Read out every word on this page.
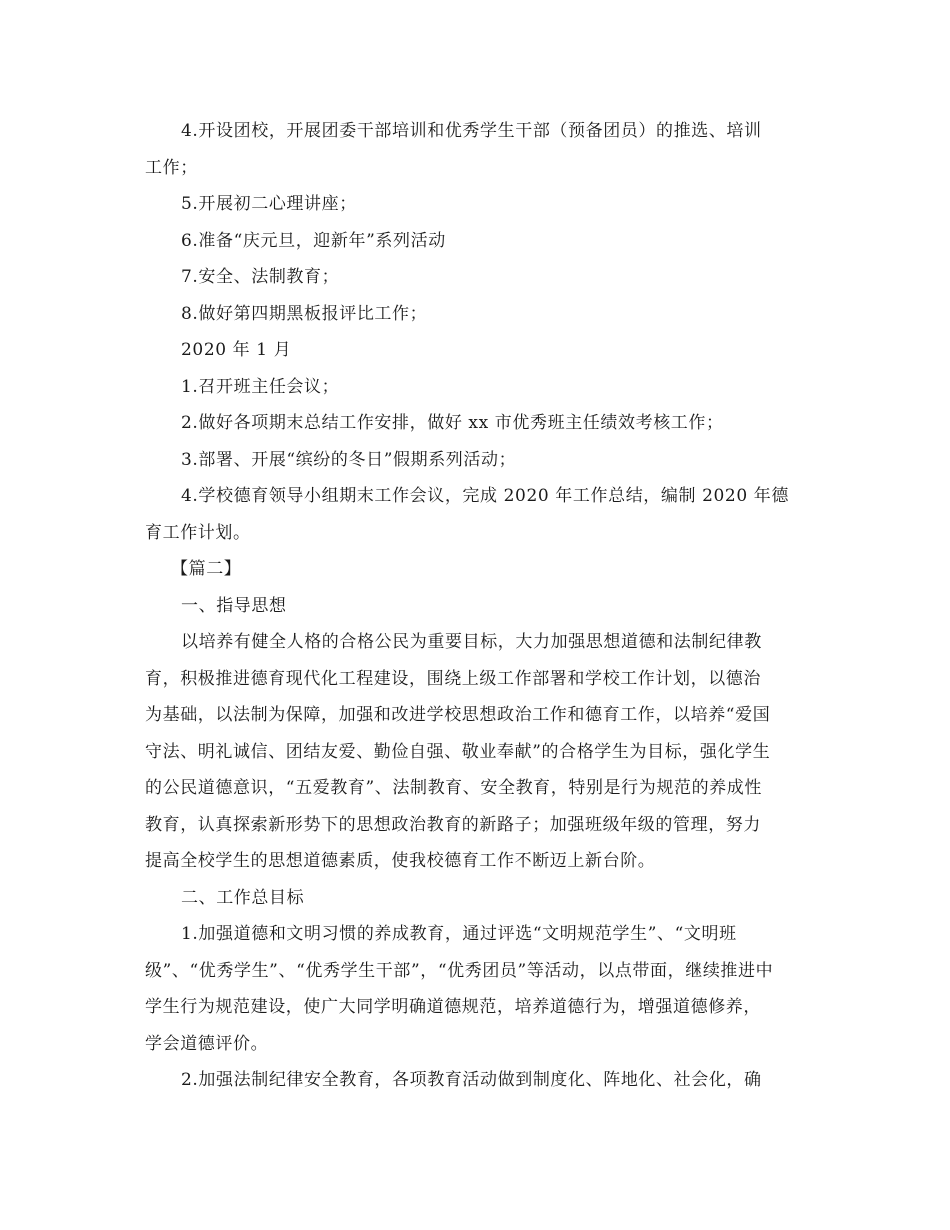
4.开设团校，开展团委干部培训和优秀学生干部（预备团员）的推选、培训
工作；

5.开展初二心理讲座；

6.准备“庆元旦，迎新年”系列活动

7.安全、法制教育；

8.做好第四期黑板报评比工作；

2020 年 1 月

1.召开班主任会议；

2.做好各项期末总结工作安排，做好 xx 市优秀班主任绩效考核工作；

3.部署、开展“缤纷的冬日”假期系列活动；

4.学校德育领导小组期末工作会议，完成 2020 年工作总结，编制 2020 年德
育工作计划。

【篇二】

一、指导思想

以培养有健全人格的合格公民为重要目标，大力加强思想道德和法制纪律教
育，积极推进德育现代化工程建设，围绕上级工作部署和学校工作计划，以德治
为基础，以法制为保障，加强和改进学校思想政治工作和德育工作，以培养“爱国
守法、明礼诚信、团结友爱、勤俭自强、敬业奉献”的合格学生为目标，强化学生
的公民道德意识，“五爱教育”、法制教育、安全教育，特别是行为规范的养成性
教育，认真探索新形势下的思想政治教育的新路子；加强班级年级的管理，努力
提高全校学生的思想道德素质，使我校德育工作不断迈上新台阶。

二、工作总目标

1.加强道德和文明习惯的养成教育，通过评选“文明规范学生”、“文明班
级”、“优秀学生”、“优秀学生干部”，“优秀团员”等活动，以点带面，继续推进中
学生行为规范建设，使广大同学明确道德规范，培养道德行为，增强道德修养，
学会道德评价。

2.加强法制纪律安全教育，各项教育活动做到制度化、阵地化、社会化，确
